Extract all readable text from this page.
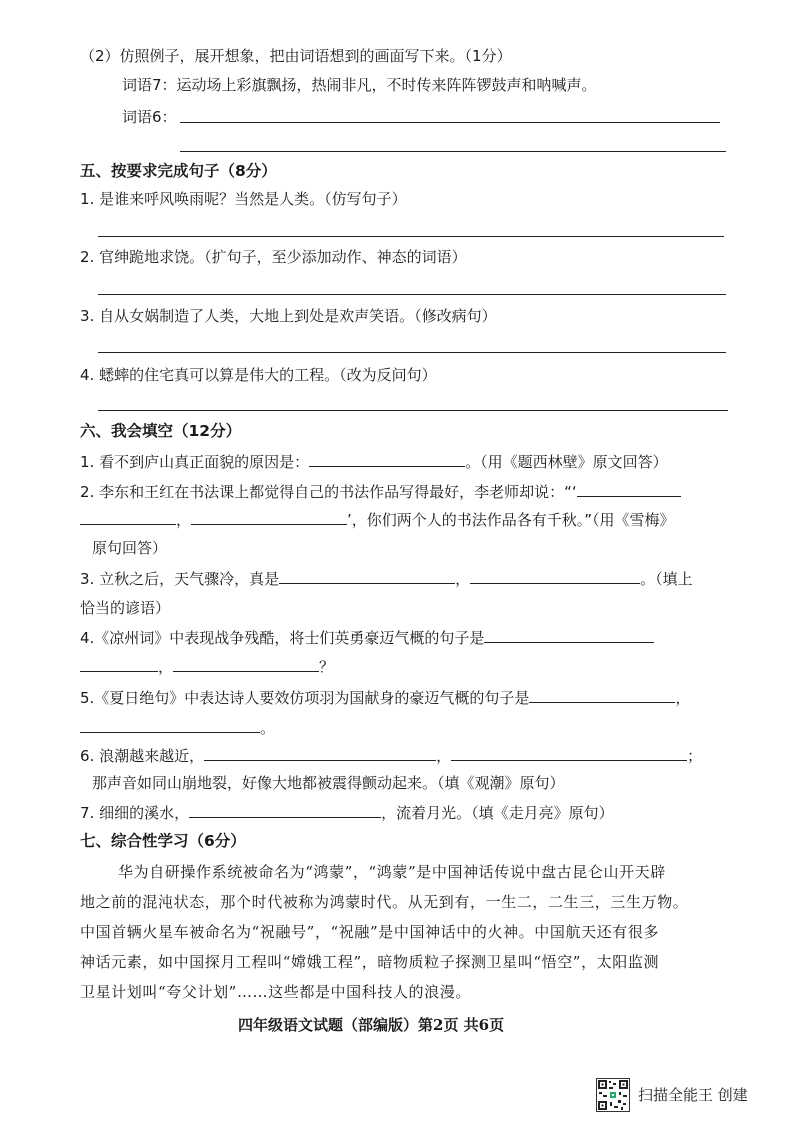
（2）仿照例子，展开想象，把由词语想到的画面写下来。（1分）
词语7：运动场上彩旗飘扬，热闹非凡，不时传来阵阵锣鼓声和呐喊声。
词语6：
五、按要求完成句子（8分）
1. 是谁来呼风唤雨呢？当然是人类。（仿写句子）
2. 官绅跪地求饶。（扩句子，至少添加动作、神态的词语）
3. 自从女娲制造了人类，大地上到处是欢声笑语。（修改病句）
4. 蟋蟀的住宅真可以算是伟大的工程。（改为反问句）
六、我会填空（12分）
1. 看不到庐山真正面貌的原因是：	。（用《题西林壁》原文回答）
2. 李东和王红在书法课上都觉得自己的书法作品写得最好，李老师却说：“‘
，	’，你们两个人的书法作品各有千秋。”（用《雪梅》
原句回答）
3. 立秋之后，天气骤冷，真是	，	。（填上
恰当的谚语）
4.《凉州词》中表现战争残酷，将士们英勇豪迈气概的句子是
，	？
5.《夏日绝句》中表达诗人要效仿项羽为国献身的豪迈气概的句子是	，
。
6. 浪潮越来越近，	，	；
那声音如同山崩地裂，好像大地都被震得颤动起来。（填《观潮》原句）
7. 细细的溪水，	，流着月光。（填《走月亮》原句）
七、综合性学习（6分）
华为自研操作系统被命名为“鸿蒙”，“鸿蒙”是中国神话传说中盘古昆仑山开天辟
地之前的混沌状态，那个时代被称为鸿蒙时代。从无到有，一生二，二生三，三生万物。
中国首辆火星车被命名为“祝融号”，“祝融”是中国神话中的火神。中国航天还有很多
神话元素，如中国探月工程叫“嫦娥工程”，暗物质粒子探测卫星叫“悟空”，太阳监测
卫星计划叫“夸父计划”……这些都是中国科技人的浪漫。
四年级语文试题（部编版）第2页 共6页
扫描全能王 创建
